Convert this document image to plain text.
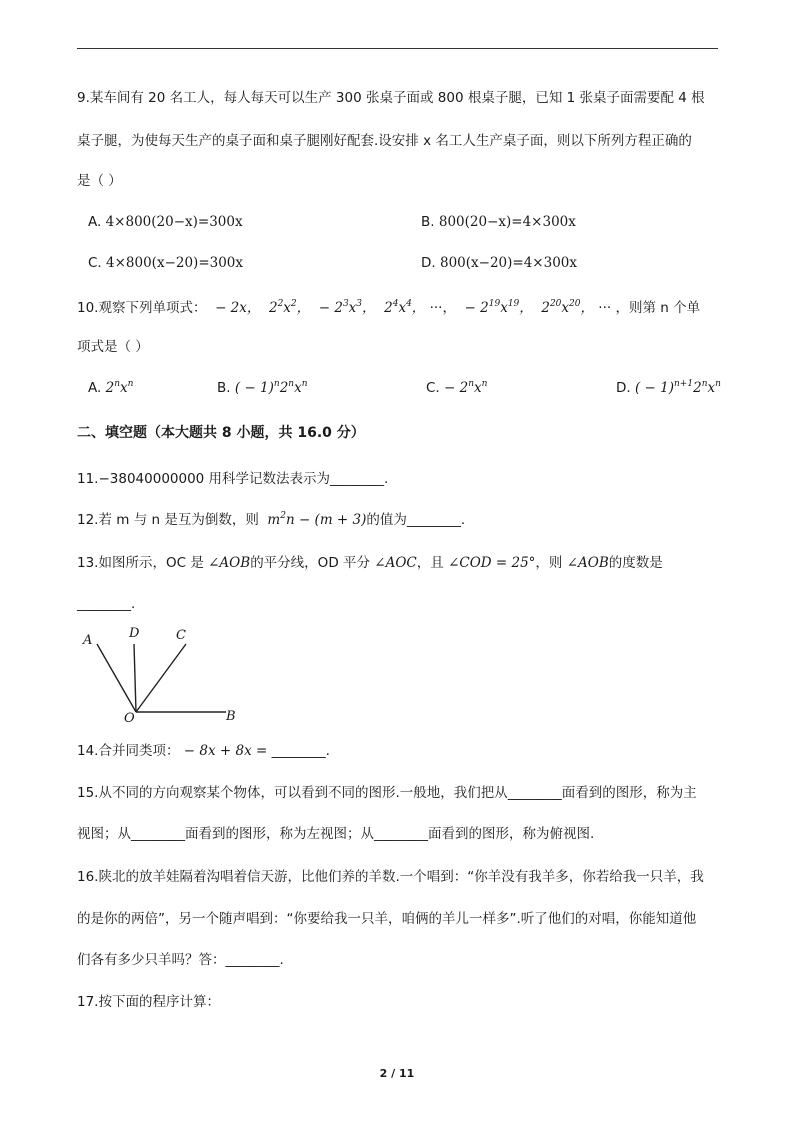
9.某车间有 20 名工人，每人每天可以生产 300 张桌子面或 800 根桌子腿，已知 1 张桌子面需要配 4 根
桌子腿，为使每天生产的桌子面和桌子腿刚好配套.设安排 x 名工人生产桌子面，则以下所列方程正确的
是（ ）
A. 4×800(20−x)=300x	B. 800(20−x)=4×300x
C. 4×800(x−20)=300x	D. 800(x−20)=4×300x
10.观察下列单项式：  − 2x，  $2^2x^2$，  − $2^3x^3$，  $2^4x^4$， ···，  − $2^{19}x^{19}$，  $2^{20}x^{20}$， ··· ，则第 n 个单
项式是（ ）
A. $2^nx^n$	B. ( − $1)^n2^nx^n$	C. − $2^nx^n$	D. ( − $1)^{n+1}2^nx^n$
二、填空题（本大题共 8 小题，共 16.0 分）
11.−38040000000 用科学记数法表示为________.
12.若 m 与 n 是互为倒数，则  $m^2n - (m + 3)$的值为________.
13.如图所示，OC 是 ∠AOB的平分线，OD 平分 ∠AOC，且 ∠COD = 25°，则 ∠AOB的度数是
________.
A	D	C
O	B
14.合并同类项： − 8x + 8x = ________.
15.从不同的方向观察某个物体，可以看到不同的图形.一般地，我们把从________面看到的图形，称为主
视图；从________面看到的图形，称为左视图；从________面看到的图形，称为俯视图.
16.陕北的放羊娃隔着沟唱着信天游，比他们养的羊数.一个唱到：“你羊没有我羊多，你若给我一只羊，我
的是你的两倍”，另一个随声唱到：“你要给我一只羊，咱俩的羊儿一样多”.听了他们的对唱，你能知道他
们各有多少只羊吗？答：________.
17.按下面的程序计算：
2 / 11
